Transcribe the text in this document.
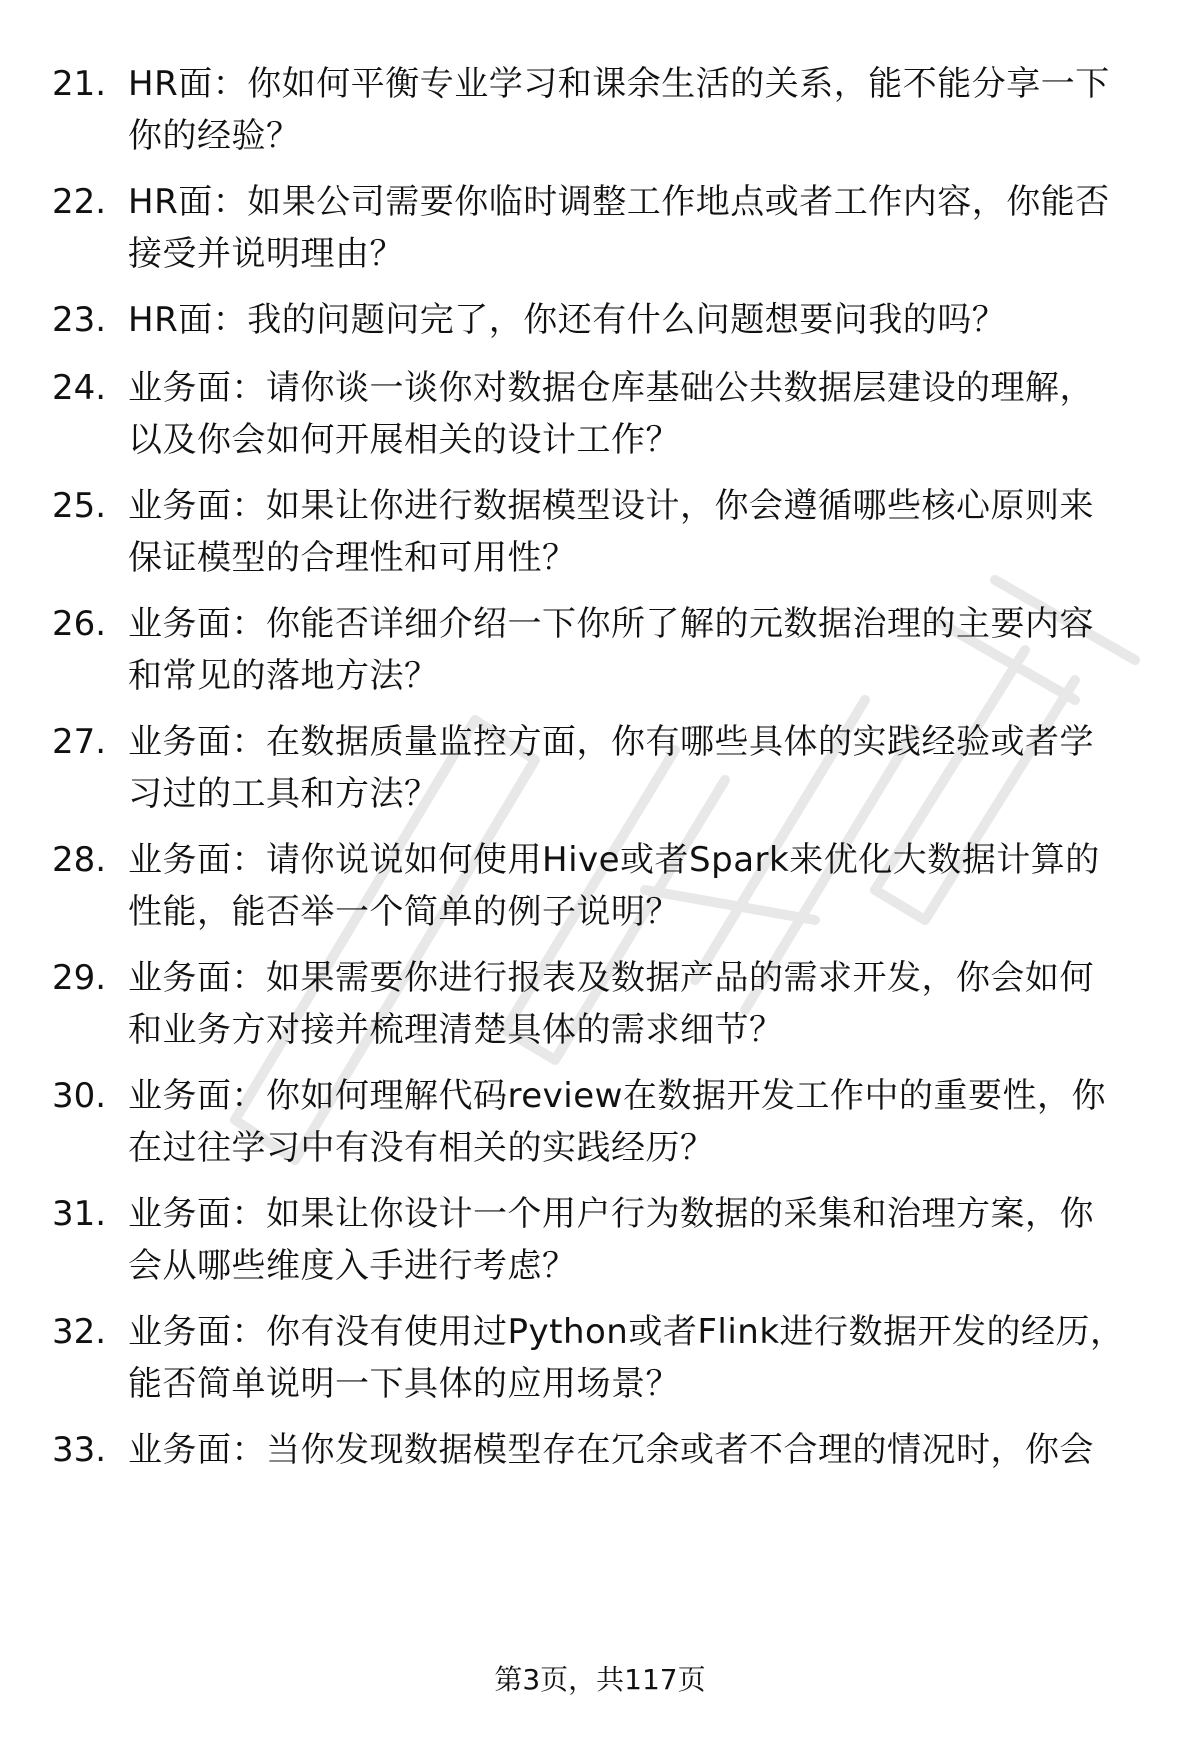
21. HR面：你如何平衡专业学习和课余生活的关系，能不能分享一下
你的经验？
22. HR面：如果公司需要你临时调整工作地点或者工作内容，你能否
接受并说明理由？
23. HR面：我的问题问完了，你还有什么问题想要问我的吗？
24. 业务面：请你谈一谈你对数据仓库基础公共数据层建设的理解，
以及你会如何开展相关的设计工作？
25. 业务面：如果让你进行数据模型设计，你会遵循哪些核心原则来
保证模型的合理性和可用性？
26. 业务面：你能否详细介绍一下你所了解的元数据治理的主要内容
和常见的落地方法？
27. 业务面：在数据质量监控方面，你有哪些具体的实践经验或者学
习过的工具和方法？
28. 业务面：请你说说如何使用Hive或者Spark来优化大数据计算的
性能，能否举一个简单的例子说明？
29. 业务面：如果需要你进行报表及数据产品的需求开发，你会如何
和业务方对接并梳理清楚具体的需求细节？
30. 业务面：你如何理解代码review在数据开发工作中的重要性，你
在过往学习中有没有相关的实践经历？
31. 业务面：如果让你设计一个用户行为数据的采集和治理方案，你
会从哪些维度入手进行考虑？
32. 业务面：你有没有使用过Python或者Flink进行数据开发的经历，
能否简单说明一下具体的应用场景？
33. 业务面：当你发现数据模型存在冗余或者不合理的情况时，你会
第3页，共117页
